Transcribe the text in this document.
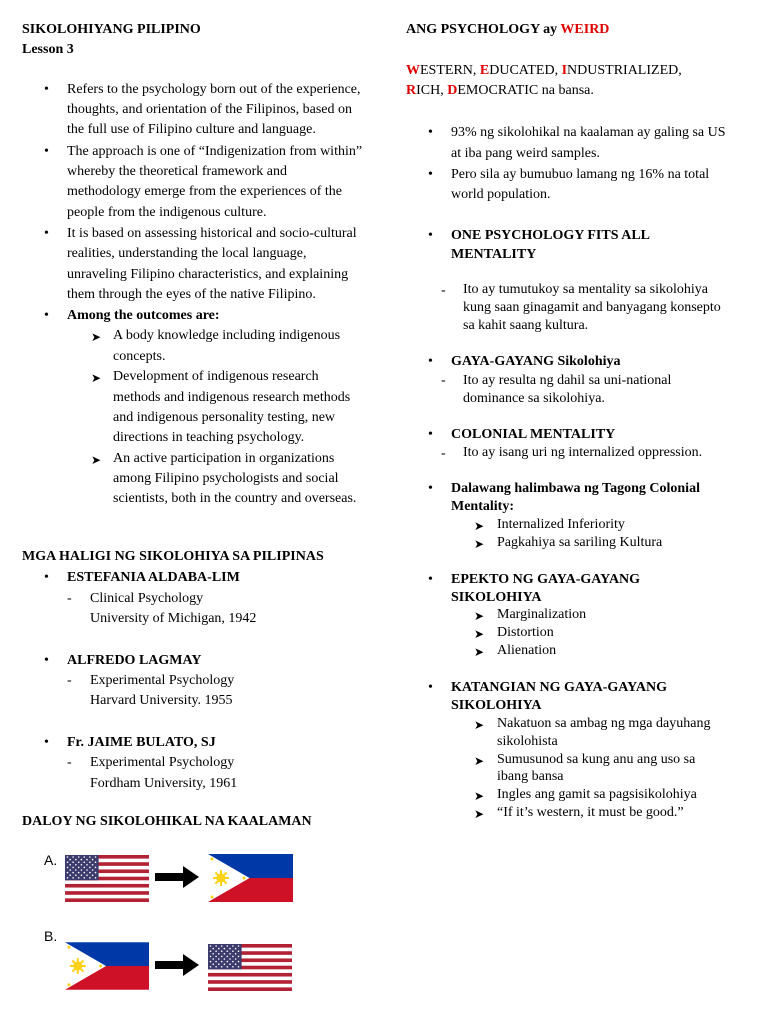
SIKOLOHIYANG PILIPINO
Lesson 3
• Refers to the psychology born out of the experience,
thoughts, and orientation of the Filipinos, based on
the full use of Filipino culture and language.
• The approach is one of “Indigenization from within”
whereby the theoretical framework and
methodology emerge from the experiences of the
people from the indigenous culture.
• It is based on assessing historical and socio-cultural
realities, understanding the local language,
unraveling Filipino characteristics, and explaining
them through the eyes of the native Filipino.
• Among the outcomes are:
➤ A body knowledge including indigenous
concepts.
➤ Development of indigenous research
methods and indigenous research methods
and indigenous personality testing, new
directions in teaching psychology.
➤ An active participation in organizations
among Filipino psychologists and social
scientists, both in the country and overseas.
MGA HALIGI NG SIKOLOHIYA SA PILIPINAS
• ESTEFANIA ALDABA-LIM
- Clinical Psychology
University of Michigan, 1942
• ALFREDO LAGMAY
- Experimental Psychology
Harvard University. 1955
• Fr. JAIME BULATO, SJ
- Experimental Psychology
Fordham University, 1961
DALOY NG SIKOLOHIKAL NA KAALAMAN
A.
B.
ANG PSYCHOLOGY ay WEIRD
WESTERN, EDUCATED, INDUSTRIALIZED,
RICH, DEMOCRATIC na bansa.
• 93% ng sikolohikal na kaalaman ay galing sa US
at iba pang weird samples.
• Pero sila ay bumubuo lamang ng 16% na total
world population.
• ONE PSYCHOLOGY FITS ALL
MENTALITY
- Ito ay tumutukoy sa mentality sa sikolohiya
kung saan ginagamit and banyagang konsepto
sa kahit saang kultura.
• GAYA-GAYANG Sikolohiya
- Ito ay resulta ng dahil sa uni-national
dominance sa sikolohiya.
• COLONIAL MENTALITY
- Ito ay isang uri ng internalized oppression.
• Dalawang halimbawa ng Tagong Colonial
Mentality:
➤ Internalized Inferiority
➤ Pagkahiya sa sariling Kultura
• EPEKTO NG GAYA-GAYANG
SIKOLOHIYA
➤ Marginalization
➤ Distortion
➤ Alienation
• KATANGIAN NG GAYA-GAYANG
SIKOLOHIYA
➤ Nakatuon sa ambag ng mga dayuhang
sikolohista
➤ Sumusunod sa kung anu ang uso sa
ibang bansa
➤ Ingles ang gamit sa pagsisikolohiya
➤ “If it’s western, it must be good.”
